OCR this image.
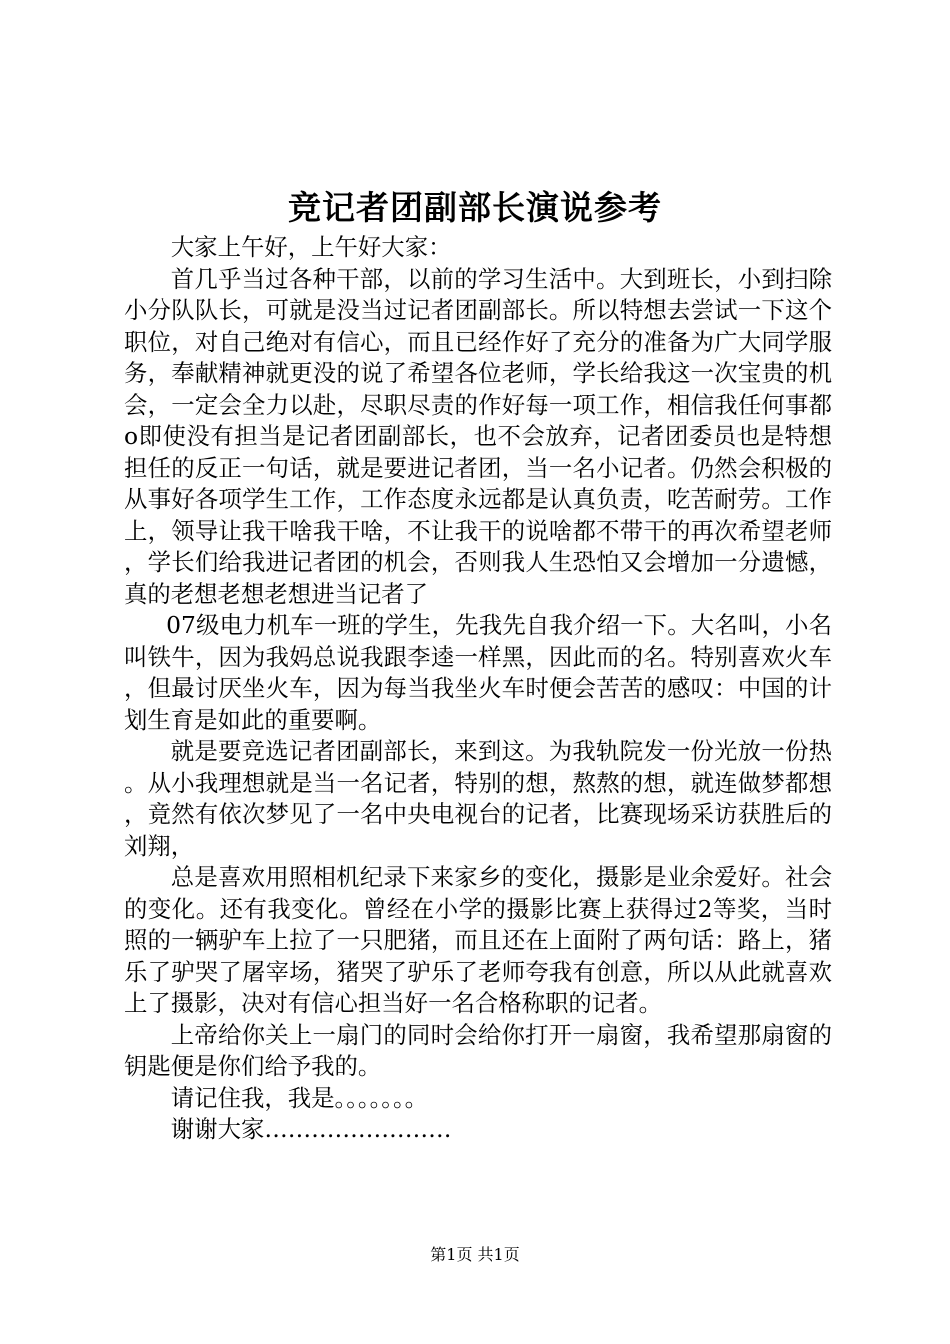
竞记者团副部长演说参考

大家上午好，上午好大家：

首几乎当过各种干部，以前的学习生活中。大到班长，小到扫除小分队队长，可就是没当过记者团副部长。所以特想去尝试一下这个职位，对自己绝对有信心，而且已经作好了充分的准备为广大同学服务，奉献精神就更没的说了希望各位老师，学长给我这一次宝贵的机会，一定会全力以赴，尽职尽责的作好每一项工作，相信我任何事都o即使没有担当是记者团副部长，也不会放弃，记者团委员也是特想担任的反正一句话，就是要进记者团，当一名小记者。仍然会积极的从事好各项学生工作，工作态度永远都是认真负责，吃苦耐劳。工作上，领导让我干啥我干啥，不让我干的说啥都不带干的再次希望老师，学长们给我进记者团的机会，否则我人生恐怕又会增加一分遗憾，真的老想老想老想进当记者了

07级电力机车一班的学生，先我先自我介绍一下。大名叫，小名叫铁牛，因为我妈总说我跟李逵一样黑，因此而的名。特别喜欢火车，但最讨厌坐火车，因为每当我坐火车时便会苦苦的感叹：中国的计划生育是如此的重要啊。

就是要竞选记者团副部长，来到这。为我轨院发一份光放一份热。从小我理想就是当一名记者，特别的想，熬熬的想，就连做梦都想，竟然有依次梦见了一名中央电视台的记者，比赛现场采访获胜后的刘翔，

总是喜欢用照相机纪录下来家乡的变化，摄影是业余爱好。社会的变化。还有我变化。曾经在小学的摄影比赛上获得过2等奖，当时照的一辆驴车上拉了一只肥猪，而且还在上面附了两句话：路上，猪乐了驴哭了屠宰场，猪哭了驴乐了老师夸我有创意，所以从此就喜欢上了摄影，决对有信心担当好一名合格称职的记者。

上帝给你关上一扇门的同时会给你打开一扇窗，我希望那扇窗的钥匙便是你们给予我的。

请记住我，我是。。。。。。。

谢谢大家……………………

第1页 共1页
